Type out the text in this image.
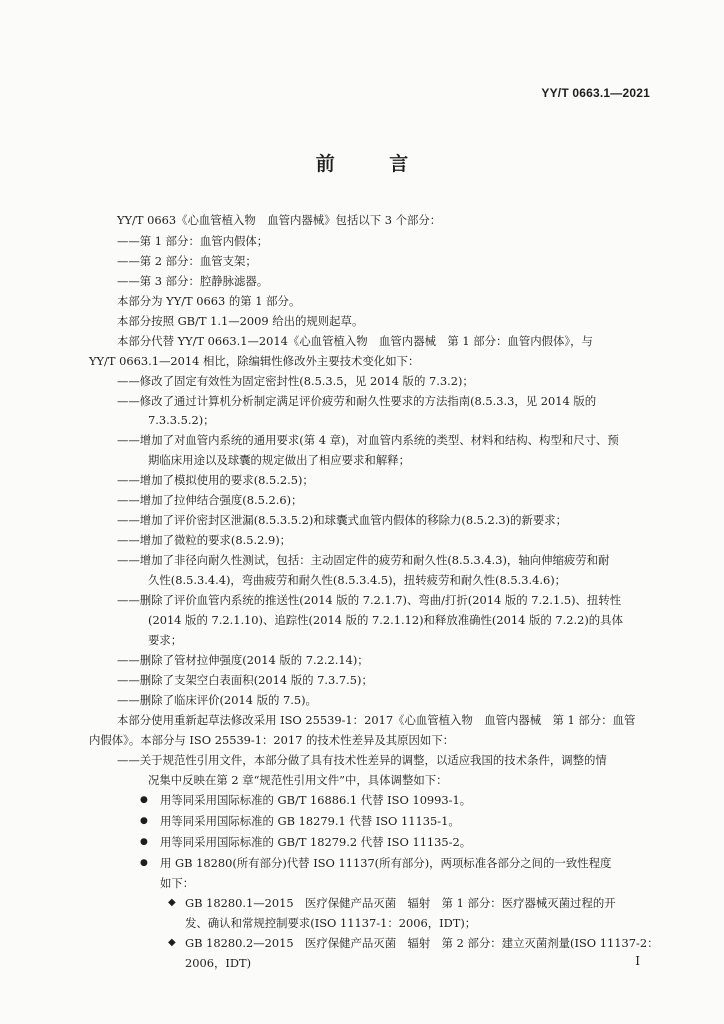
YY/T 0663.1—2021
前 言
YY/T 0663《心血管植入物　血管内器械》包括以下 3 个部分：
——第 1 部分：血管内假体；
——第 2 部分：血管支架；
——第 3 部分：腔静脉滤器。
本部分为 YY/T 0663 的第 1 部分。
本部分按照 GB/T 1.1—2009 给出的规则起草。
本部分代替 YY/T 0663.1—2014《心血管植入物　血管内器械　第 1 部分：血管内假体》，与
YY/T 0663.1—2014 相比，除编辑性修改外主要技术变化如下：
——修改了固定有效性为固定密封性(8.5.3.5，见 2014 版的 7.3.2)；
——修改了通过计算机分析制定满足评价疲劳和耐久性要求的方法指南(8.5.3.3，见 2014 版的
7.3.3.5.2)；
——增加了对血管内系统的通用要求(第 4 章)，对血管内系统的类型、材料和结构、构型和尺寸、预
期临床用途以及球囊的规定做出了相应要求和解释；
——增加了模拟使用的要求(8.5.2.5)；
——增加了拉伸结合强度(8.5.2.6)；
——增加了评价密封区泄漏(8.5.3.5.2)和球囊式血管内假体的移除力(8.5.2.3)的新要求；
——增加了微粒的要求(8.5.2.9)；
——增加了非径向耐久性测试，包括：主动固定件的疲劳和耐久性(8.5.3.4.3)，轴向伸缩疲劳和耐
久性(8.5.3.4.4)，弯曲疲劳和耐久性(8.5.3.4.5)，扭转疲劳和耐久性(8.5.3.4.6)；
——删除了评价血管内系统的推送性(2014 版的 7.2.1.7)、弯曲/打折(2014 版的 7.2.1.5)、扭转性
(2014 版的 7.2.1.10)、追踪性(2014 版的 7.2.1.12)和释放准确性(2014 版的 7.2.2)的具体
要求；
——删除了管材拉伸强度(2014 版的 7.2.2.14)；
——删除了支架空白表面积(2014 版的 7.3.7.5)；
——删除了临床评价(2014 版的 7.5)。
本部分使用重新起草法修改采用 ISO 25539-1：2017《心血管植入物　血管内器械　第 1 部分：血管
内假体》。本部分与 ISO 25539-1：2017 的技术性差异及其原因如下：
——关于规范性引用文件，本部分做了具有技术性差异的调整，以适应我国的技术条件，调整的情
况集中反映在第 2 章“规范性引用文件”中，具体调整如下：
● 用等同采用国际标准的 GB/T 16886.1 代替 ISO 10993-1。
● 用等同采用国际标准的 GB 18279.1 代替 ISO 11135-1。
● 用等同采用国际标准的 GB/T 18279.2 代替 ISO 11135-2。
● 用 GB 18280(所有部分)代替 ISO 11137(所有部分)，两项标准各部分之间的一致性程度
如下：
◆ GB 18280.1—2015　医疗保健产品灭菌　辐射　第 1 部分：医疗器械灭菌过程的开
发、确认和常规控制要求(ISO 11137-1：2006，IDT)；
◆ GB 18280.2—2015　医疗保健产品灭菌　辐射　第 2 部分：建立灭菌剂量(ISO 11137-2：
2006，IDT)	I
